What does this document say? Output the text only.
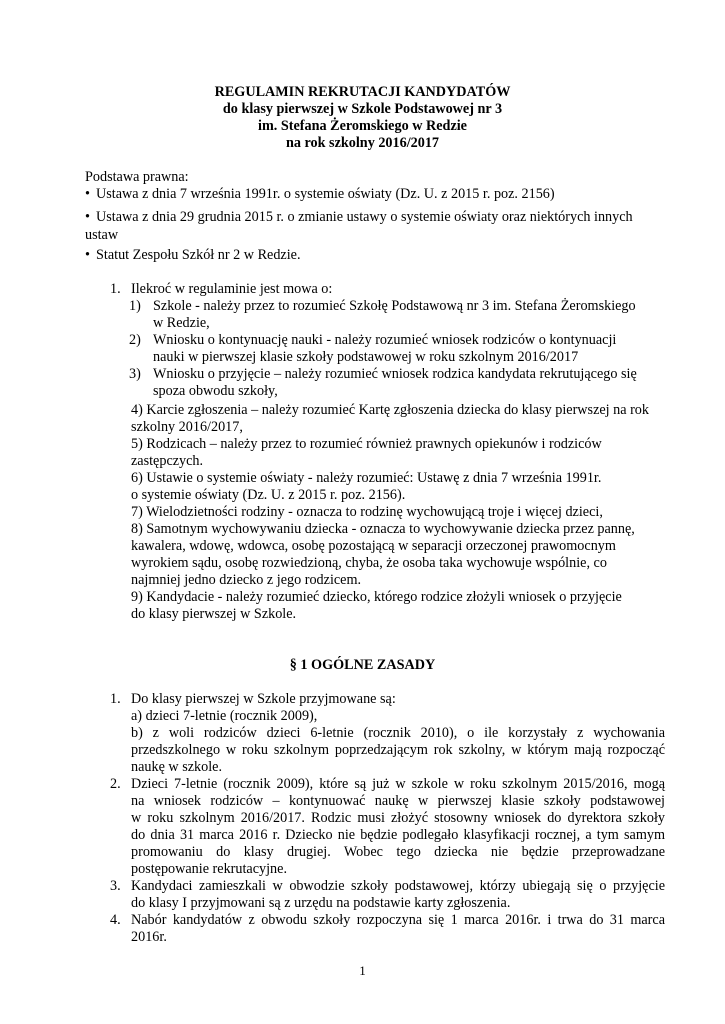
REGULAMIN REKRUTACJI KANDYDATÓW
do klasy pierwszej w Szkole Podstawowej nr 3
im. Stefana Żeromskiego w Redzie
na rok szkolny 2016/2017
Podstawa prawna:
• Ustawa z dnia 7 września 1991r. o systemie oświaty (Dz. U. z 2015 r. poz. 2156)
• Ustawa z dnia 29 grudnia 2015 r. o zmianie ustawy o systemie oświaty oraz niektórych innych
ustaw
• Statut Zespołu Szkół nr 2 w Redzie.
1. Ilekroć w regulaminie jest mowa o:
1) Szkole - należy przez to rozumieć Szkołę Podstawową nr 3 im. Stefana Żeromskiego
w Redzie,
2) Wniosku o kontynuację nauki - należy rozumieć wniosek rodziców o kontynuacji
nauki w pierwszej klasie szkoły podstawowej w roku szkolnym 2016/2017
3) Wniosku o przyjęcie – należy rozumieć wniosek rodzica kandydata rekrutującego się
spoza obwodu szkoły,
4) Karcie zgłoszenia – należy rozumieć Kartę zgłoszenia dziecka do klasy pierwszej na rok
szkolny 2016/2017,
5) Rodzicach – należy przez to rozumieć również prawnych opiekunów i rodziców
zastępczych.
6) Ustawie o systemie oświaty - należy rozumieć: Ustawę z dnia 7 września 1991r.
o systemie oświaty (Dz. U. z 2015 r. poz. 2156).
7) Wielodzietności rodziny - oznacza to rodzinę wychowującą troje i więcej dzieci,
8) Samotnym wychowywaniu dziecka - oznacza to wychowywanie dziecka przez pannę,
kawalera, wdowę, wdowca, osobę pozostającą w separacji orzeczonej prawomocnym
wyrokiem sądu, osobę rozwiedzioną, chyba, że osoba taka wychowuje wspólnie, co
najmniej jedno dziecko z jego rodzicem.
9) Kandydacie - należy rozumieć dziecko, którego rodzice złożyli wniosek o przyjęcie
do klasy pierwszej w Szkole.
§ 1 OGÓLNE ZASADY
1. Do klasy pierwszej w Szkole przyjmowane są:
a) dzieci 7-letnie (rocznik 2009),
b) z woli rodziców dzieci 6-letnie (rocznik 2010), o ile korzystały z wychowania
przedszkolnego w roku szkolnym poprzedzającym rok szkolny, w którym mają rozpocząć
naukę w szkole.
2. Dzieci 7-letnie (rocznik 2009), które są już w szkole w roku szkolnym 2015/2016, mogą
na wniosek rodziców – kontynuować naukę w pierwszej klasie szkoły podstawowej
w roku szkolnym 2016/2017. Rodzic musi złożyć stosowny wniosek do dyrektora szkoły
do dnia 31 marca 2016 r. Dziecko nie będzie podlegało klasyfikacji rocznej, a tym samym
promowaniu do klasy drugiej. Wobec tego dziecka nie będzie przeprowadzane
postępowanie rekrutacyjne.
3. Kandydaci zamieszkali w obwodzie szkoły podstawowej, którzy ubiegają się o przyjęcie
do klasy I przyjmowani są z urzędu na podstawie karty zgłoszenia.
4. Nabór kandydatów z obwodu szkoły rozpoczyna się 1 marca 2016r. i trwa do 31 marca
2016r.
1
